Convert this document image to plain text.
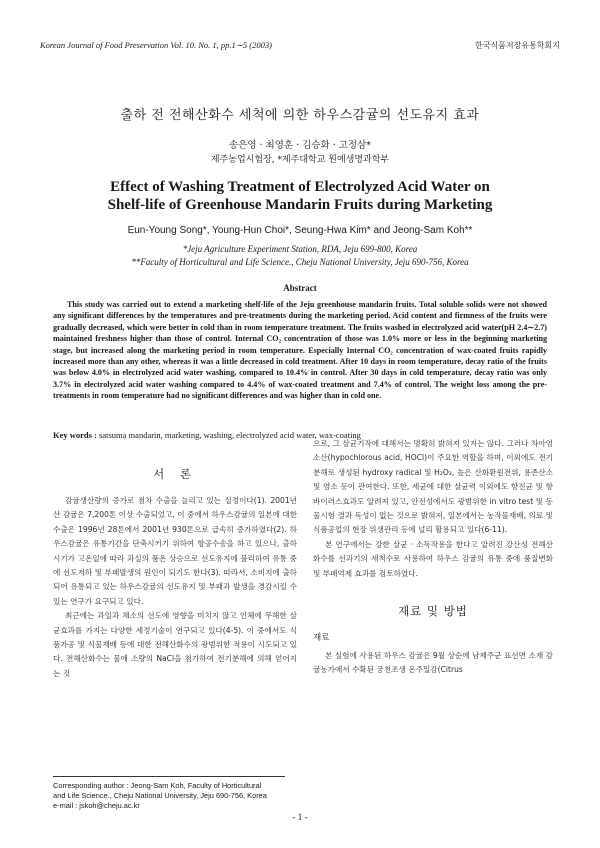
Korean Journal of Food Preservation Vol. 10. No. 1, pp.1∼5 (2003)	한국식품저장유통학회지
출하 전 전해산화수 세척에 의한 하우스감귤의 선도유지 효과
송은영 · 최영훈 · 김승화 · 고정삼*
제주농업시험장, *제주대학교 원예생명과학부
Effect of Washing Treatment of Electrolyzed Acid Water on
Shelf-life of Greenhouse Mandarin Fruits during Marketing
Eun-Young Song*, Young-Hun Choi*, Seung-Hwa Kim* and Jeong-Sam Koh**
*Jeju Agriculture Experiment Station, RDA, Jeju 699-800, Korea
**Faculty of Horticultural and Life Science., Cheju National University, Jeju 690-756, Korea
Abstract

This study was carried out to extend a marketing shelf-life of the Jeju greenhouse mandarin fruits. Total soluble solids were not showed any significant differences by the temperatures and pre-treatments during the marketing period. Acid content and firmness of the fruits were gradually decreased, which were better in cold than in room temperature treatment. The fruits washed in electrolyzed acid water(pH 2.4∼2.7) maintained freshness higher than those of control. Internal CO₂ concentration of those was 1.0% more or less in the beginning marketing stage, but increased along the marketing period in room temperature. Especially Internal CO₂ concentration of wax-coated fruits rapidly increased more than any other, whereas it was a little decreased in cold treatment. After 10 days in room temperature, decay ratio of the fruits was below 4.0% in electrolyzed acid water washing, compared to 10.4% in control. After 30 days in cold temperature, decay ratio was only 3.7% in electrolyzed acid water washing compared to 4.4% of wax-coated treatment and 7.4% of control. The weight loss among the pre-treatments in room temperature had no significant differences and was higher than in cold one.

Key words : satsuma mandarin, marketing, washing, electrolyzed acid water, wax-coating
서 론

감귤생산량의 증가로 점차 수출을 늘리고 있는 실정이다(1). 2001년산 감귤은 7,200톤 이상 수출되었고, 이 중에서 하우스감귤의 일본에 대한 수출은 1996년 28톤에서 2001년 930톤으로 급속히 증가하였다(2). 하우스감귤은 유통기간을 단축시키기 위하여 항공수송을 하고 있으나, 출하시기가 고온일에 따라 과실의 품온 상승으로 선도유지에 불리하여 유통 중에 선도저하 및 부패발생의 원인이 되기도 한다(3). 따라서, 소비지에 출하되어 유통되고 있는 하우스감귤의 선도유지 및 부패과 발생을 경감시킬 수 있는 연구가 요구되고 있다.

최근에는 과일과 채소의 선도에 영향을 미치지 않고 인체에 무해한 살균효과를 가지는 다양한 세정기술이 연구되고 있다(4-5). 이 중에서도 식품가공 및 식물재배 등에 대한 전해산화수의 광범위한 적용이 시도되고 있다. 전해산화수는 물에 소량의 NaCl을 첨가하여 전기분해에 의해 얻어지는 것

으로, 그 살균기작에 대해서는 명확히 밝혀져 있지는 않다. 그러나 차아염소산(hypochlorous acid, HOCl)이 주요한 역할을 하며, 이외에도 전기분해로 생성된 hydroxy radical 및 H₂O₂, 높은 산화환원전위, 용존산소 및 염소 등이 관여한다. 또한, 세균에 대한 살균력 이외에도 항진균 및 항바이러스효과도 알려져 있고, 안전성에서도 광범위한 in vitro test 및 동물시험 결과 독성이 없는 것으로 밝혀져, 일본에서는 농작물재배, 의료 및 식품공업의 현장 위생관리 등에 널리 활용되고 있다(6-11).

본 연구에서는 강한 살균 · 소독작용을 한다고 알려진 강산성 전해산화수를 선과기의 세척수로 사용하여 하우스 감귤의 유통 중에 품질변화 및 부패억제 효과를 검토하였다.

재료 및 방법
재료

본 실험에 사용된 하우스 감귤은 9월 상순에 남제주군 표선면 소재 감귤농가에서 수확된 궁천조생 온주밀감(Citrus

Corresponding author : Jeong-Sam Koh, Faculty of Horticultural
and Life Science., Cheju National University, Jeju 690-756, Korea
e-mail : jskoh@cheju.ac.kr
- 1 -
